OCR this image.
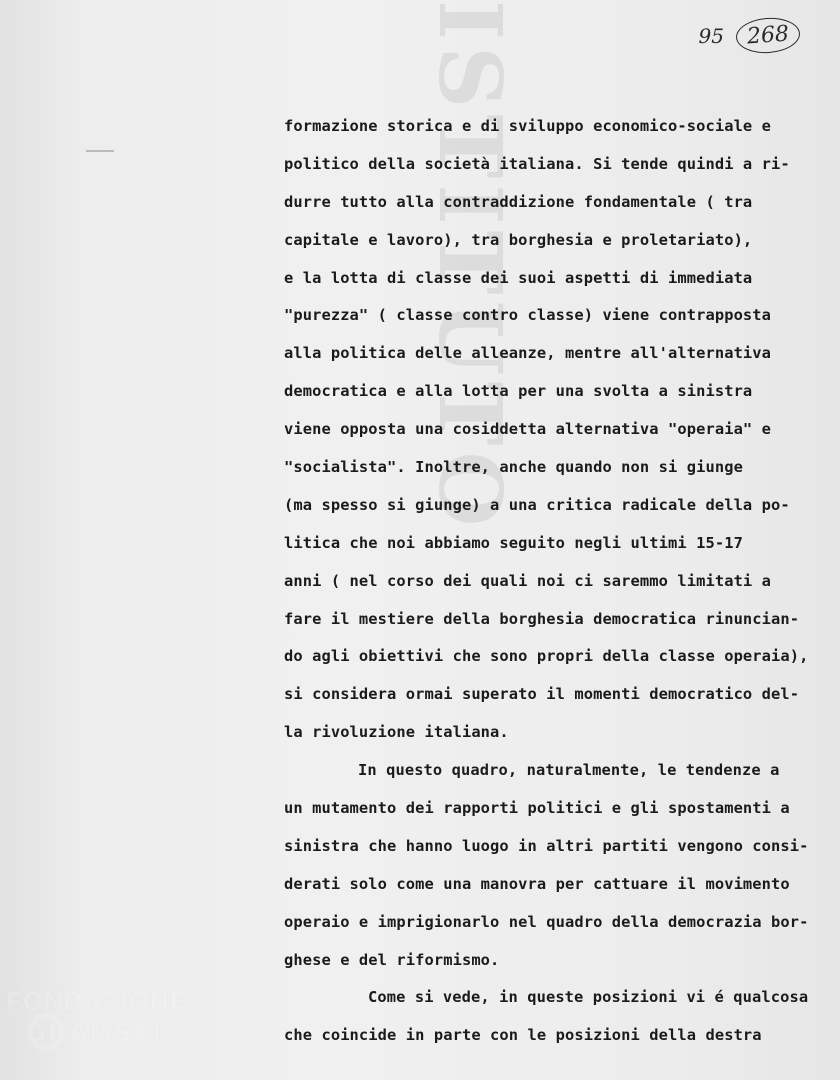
ISTITUTO	95	268
formazione storica e di sviluppo economico-sociale e
politico della società italiana. Si tende quindi a ri-
durre tutto alla contraddizione fondamentale ( tra
capitale e lavoro), tra borghesia e proletariato),
e la lotta di classe dei suoi aspetti di immediata
"purezza" ( classe contro classe) viene contrapposta
alla politica delle alleanze, mentre all'alternativa
democratica e alla lotta per una svolta a sinistra
viene opposta una cosiddetta alternativa "operaia" e
"socialista". Inoltre, anche quando non si giunge
(ma spesso si giunge) a una critica radicale della po-
litica che noi abbiamo seguito negli ultimi 15-17
anni ( nel corso dei quali noi ci saremmo limitati a
fare il mestiere della borghesia democratica rinuncian-
do agli obiettivi che sono propri della classe operaia),
si considera ormai superato il momenti democratico del-
la rivoluzione italiana.
In questo quadro, naturalmente, le tendenze a
un mutamento dei rapporti politici e gli spostamenti a
sinistra che hanno luogo in altri partiti vengono consi-
derati solo come una manovra per cattuare il movimento
operaio e imprigionarlo nel quadro della democrazia bor-
ghese e del riformismo.
Come si vede, in queste posizioni vi é qualcosa
che coincide in parte con le posizioni della destra
FONDAZIONE
GRAMSCI
